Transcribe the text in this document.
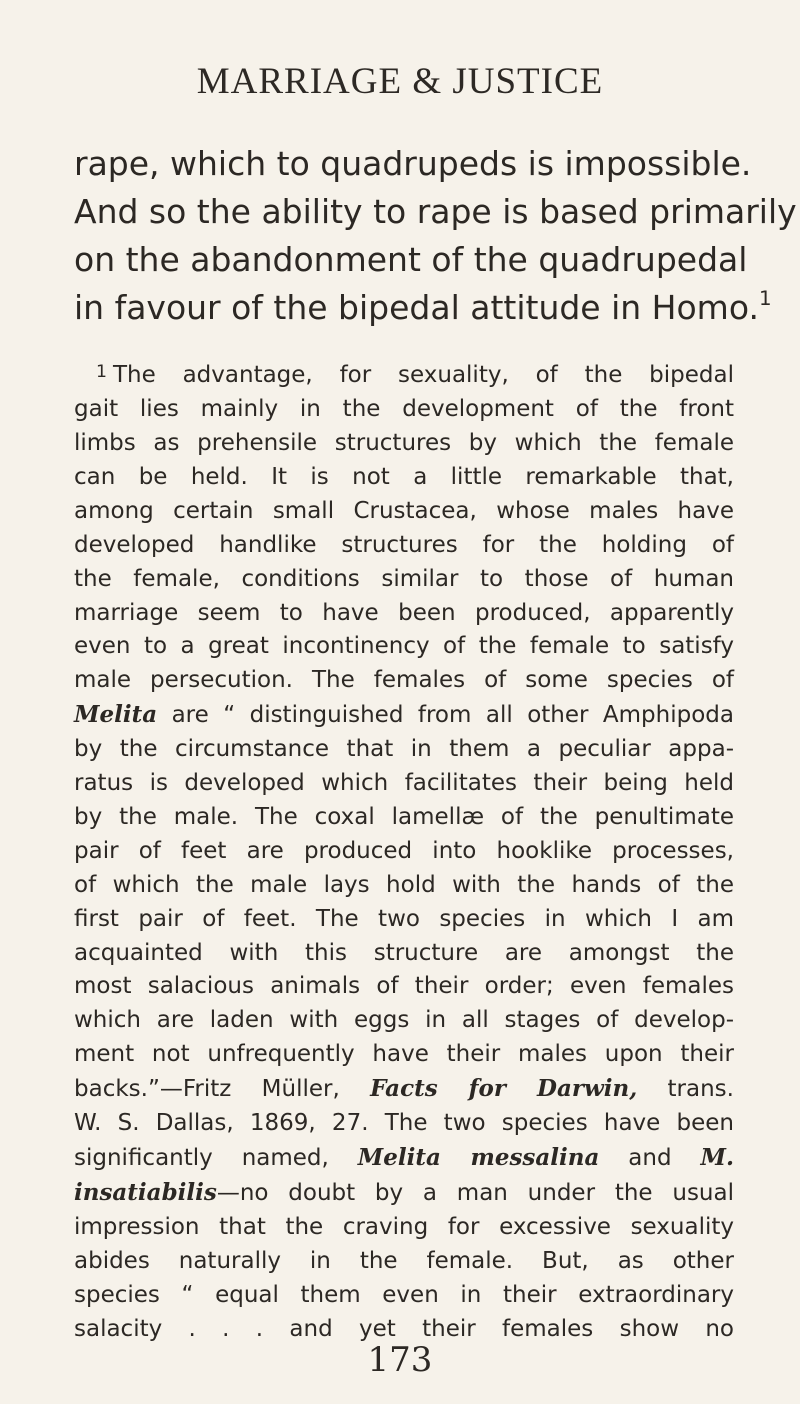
MARRIAGE & JUSTICE
rape, which to quadrupeds is impossible.
And so the ability to rape is based primarily
on the abandonment of the quadrupedal
in favour of the bipedal attitude in Homo.$^1$
$^1$ The advantage, for sexuality, of the bipedal
gait lies mainly in the development of the front
limbs as prehensile structures by which the female
can be held. It is not a little remarkable that,
among certain small Crustacea, whose males have
developed handlike structures for the holding of
the female, conditions similar to those of human
marriage seem to have been produced, apparently
even to a great incontinency of the female to satisfy
male persecution. The females of some species of
Melita are “ distinguished from all other Amphipoda
by the circumstance that in them a peculiar appa-
ratus is developed which facilitates their being held
by the male. The coxal lamellæ of the penultimate
pair of feet are produced into hooklike processes,
of which the male lays hold with the hands of the
first pair of feet. The two species in which I am
acquainted with this structure are amongst the
most salacious animals of their order; even females
which are laden with eggs in all stages of develop-
ment not unfrequently have their males upon their
backs.”—Fritz Müller, Facts for Darwin, trans.
W. S. Dallas, 1869, 27. The two species have been
significantly named, Melita messalina and M.
insatiabilis—no doubt by a man under the usual
impression that the craving for excessive sexuality
abides naturally in the female. But, as other
species “ equal them even in their extraordinary
salacity . . . and yet their females show no
173
